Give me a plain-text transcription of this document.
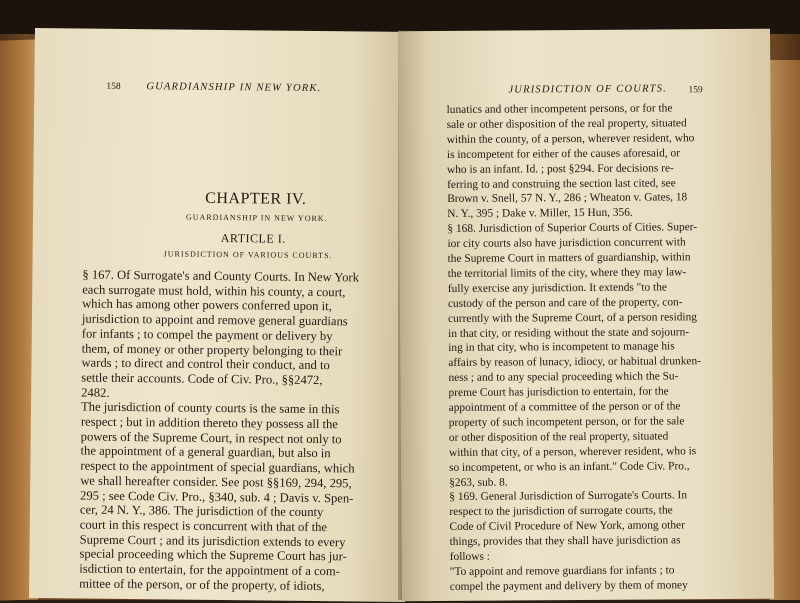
158 GUARDIANSHIP IN NEW YORK.
CHAPTER IV.
GUARDIANSHIP IN NEW YORK.
ARTICLE I.
JURISDICTION OF VARIOUS COURTS.
§ 167. Of Surrogate's and County Courts. In New York
each surrogate must hold, within his county, a court,
which has among other powers conferred upon it,
jurisdiction to appoint and remove general guardians
for infants ; to compel the payment or delivery by
them, of money or other property belonging to their
wards ; to direct and control their conduct, and to
settle their accounts. Code of Civ. Pro., §§2472,
2482.
The jurisdiction of county courts is the same in this
respect ; but in addition thereto they possess all the
powers of the Supreme Court, in respect not only to
the appointment of a general guardian, but also in
respect to the appointment of special guardians, which
we shall hereafter consider. See post §§169, 294, 295,
295 ; see Code Civ. Pro., §340, sub. 4 ; Davis v. Spen-
cer, 24 N. Y., 386. The jurisdiction of the county
court in this respect is concurrent with that of the
Supreme Court ; and its jurisdiction extends to every
special proceeding which the Supreme Court has jur-
isdiction to entertain, for the appointment of a com-
mittee of the person, or of the property, of idiots,
JURISDICTION OF COURTS. 159
lunatics and other incompetent persons, or for the
sale or other disposition of the real property, situated
within the county, of a person, wherever resident, who
is incompetent for either of the causes aforesaid, or
who is an infant. Id. ; post §294. For decisions re-
ferring to and construing the section last cited, see
Brown v. Snell, 57 N. Y., 286 ; Wheaton v. Gates, 18
N. Y., 395 ; Dake v. Miller, 15 Hun, 356.
§ 168. Jurisdiction of Superior Courts of Cities. Super-
ior city courts also have jurisdiction concurrent with
the Supreme Court in matters of guardianship, within
the territorial limits of the city, where they may law-
fully exercise any jurisdiction. It extends "to the
custody of the person and care of the property, con-
currently with the Supreme Court, of a person residing
in that city, or residing without the state and sojourn-
ing in that city, who is incompetent to manage his
affairs by reason of lunacy, idiocy, or habitual drunken-
ness ; and to any special proceeding which the Su-
preme Court has jurisdiction to entertain, for the
appointment of a committee of the person or of the
property of such incompetent person, or for the sale
or other disposition of the real property, situated
within that city, of a person, wherever resident, who is
so incompetent, or who is an infant." Code Civ. Pro.,
§263, sub. 8.
§ 169. General Jurisdiction of Surrogate's Courts. In
respect to the jurisdiction of surrogate courts, the
Code of Civil Procedure of New York, among other
things, provides that they shall have jurisdiction as
follows :
"To appoint and remove guardians for infants ; to
compel the payment and delivery by them of money
